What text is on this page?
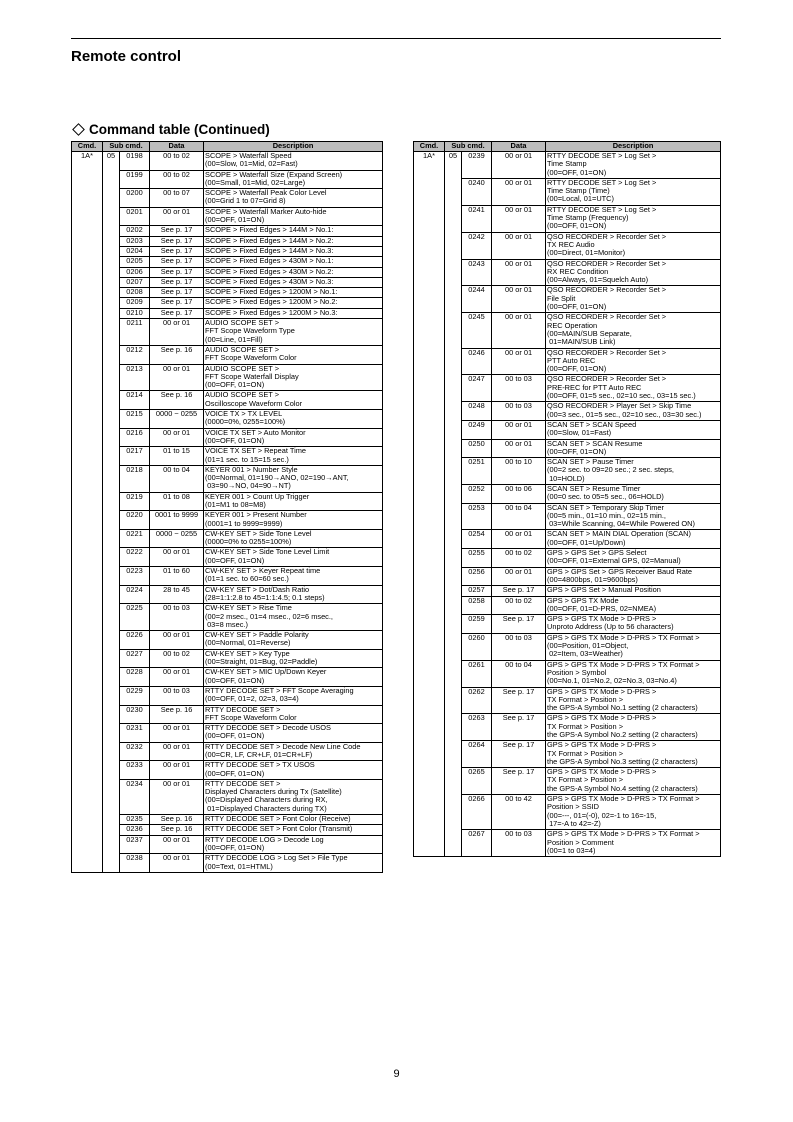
Remote control
Command table (Continued)
Cmd.	Sub cmd.		Data	Description
1A*	05	0198	00 to 02	SCOPE > Waterfall Speed
(00=Slow, 01=Mid, 02=Fast)
		0199	00 to 02	SCOPE > Waterfall Size (Expand Screen)
(00=Small, 01=Mid, 02=Large)
		0200	00 to 07	SCOPE > Waterfall Peak Color Level
(00=Grid 1 to 07=Grid 8)
		0201	00 or 01	SCOPE > Waterfall Marker Auto-hide
(00=OFF, 01=ON)
		0202	See p. 17	SCOPE > Fixed Edges > 144M > No.1:
		0203	See p. 17	SCOPE > Fixed Edges > 144M > No.2:
		0204	See p. 17	SCOPE > Fixed Edges > 144M > No.3:
		0205	See p. 17	SCOPE > Fixed Edges > 430M > No.1:
		0206	See p. 17	SCOPE > Fixed Edges > 430M > No.2:
		0207	See p. 17	SCOPE > Fixed Edges > 430M > No.3:
		0208	See p. 17	SCOPE > Fixed Edges > 1200M > No.1:
		0209	See p. 17	SCOPE > Fixed Edges > 1200M > No.2:
		0210	See p. 17	SCOPE > Fixed Edges > 1200M > No.3:
		0211	00 or 01	AUDIO SCOPE SET >
FFT Scope Waveform Type
(00=Line, 01=Fill)
		0212	See p. 16	AUDIO SCOPE SET >
FFT Scope Waveform Color
		0213	00 or 01	AUDIO SCOPE SET >
FFT Scope Waterfall Display
(00=OFF, 01=ON)
		0214	See p. 16	AUDIO SCOPE SET >
Oscilloscope Waveform Color
		0215	0000 ~ 0255	VOICE TX > TX LEVEL
(0000=0%, 0255=100%)
		0216	00 or 01	VOICE TX SET > Auto Monitor
(00=OFF, 01=ON)
		0217	01 to 15	VOICE TX SET > Repeat Time
(01=1 sec. to 15=15 sec.)
		0218	00 to 04	KEYER 001 > Number Style
(00=Normal, 01=190→ANO, 02=190→ANT,
03=90→NO, 04=90→NT)
		0219	01 to 08	KEYER 001 > Count Up Trigger
(01=M1 to 08=M8)
		0220	0001 to 9999	KEYER 001 > Present Number
(0001=1 to 9999=9999)
		0221	0000 ~ 0255	CW-KEY SET > Side Tone Level
(0000=0% to 0255=100%)
		0222	00 or 01	CW-KEY SET > Side Tone Level Limit
(00=OFF, 01=ON)
		0223	01 to 60	CW-KEY SET > Keyer Repeat time
(01=1 sec. to 60=60 sec.)
		0224	28 to 45	CW-KEY SET > Dot/Dash Ratio
(28=1:1:2.8 to 45=1:1:4.5; 0.1 steps)
		0225	00 to 03	CW-KEY SET > Rise Time
(00=2 msec., 01=4 msec., 02=6 msec.,
03=8 msec.)
		0226	00 or 01	CW-KEY SET > Paddle Polarity
(00=Normal, 01=Reverse)
		0227	00 to 02	CW-KEY SET > Key Type
(00=Straight, 01=Bug, 02=Paddle)
		0228	00 or 01	CW-KEY SET > MIC Up/Down Keyer
(00=OFF, 01=ON)
		0229	00 to 03	RTTY DECODE SET > FFT Scope Averaging
(00=OFF, 01=2, 02=3, 03=4)
		0230	See p. 16	RTTY DECODE SET >
FFT Scope Waveform Color
		0231	00 or 01	RTTY DECODE SET > Decode USOS
(00=OFF, 01=ON)
		0232	00 or 01	RTTY DECODE SET > Decode New Line Code
(00=CR, LF, CR+LF, 01=CR+LF)
		0233	00 or 01	RTTY DECODE SET > TX USOS
(00=OFF, 01=ON)
		0234	00 or 01	RTTY DECODE SET >
Displayed Characters during Tx (Satellite)
(00=Displayed Characters during RX,
01=Displayed Characters during TX)
		0235	See p. 16	RTTY DECODE SET > Font Color (Receive)
		0236	See p. 16	RTTY DECODE SET > Font Color (Transmit)
		0237	00 or 01	RTTY DECODE LOG > Decode Log
(00=OFF, 01=ON)
		0238	00 or 01	RTTY DECODE LOG > Log Set > File Type
(00=Text, 01=HTML)
Cmd.	Sub cmd.		Data	Description
1A*	05	0239	00 or 01	RTTY DECODE SET > Log Set >
Time Stamp
(00=OFF, 01=ON)
		0240	00 or 01	RTTY DECODE SET > Log Set >
Time Stamp (Time)
(00=Local, 01=UTC)
		0241	00 or 01	RTTY DECODE SET > Log Set >
Time Stamp (Frequency)
(00=OFF, 01=ON)
		0242	00 or 01	QSO RECORDER > Recorder Set >
TX REC Audio
(00=Direct, 01=Monitor)
		0243	00 or 01	QSO RECORDER > Recorder Set >
RX REC Condition
(00=Always, 01=Squelch Auto)
		0244	00 or 01	QSO RECORDER > Recorder Set >
File Split
(00=OFF, 01=ON)
		0245	00 or 01	QSO RECORDER > Recorder Set >
REC Operation
(00=MAIN/SUB Separate,
01=MAIN/SUB Link)
		0246	00 or 01	QSO RECORDER > Recorder Set >
PTT Auto REC
(00=OFF, 01=ON)
		0247	00 to 03	QSO RECORDER > Recorder Set >
PRE-REC for PTT Auto REC
(00=OFF, 01=5 sec., 02=10 sec., 03=15 sec.)
		0248	00 to 03	QSO RECORDER > Player Set > Skip Time
(00=3 sec., 01=5 sec., 02=10 sec., 03=30 sec.)
		0249	00 or 01	SCAN SET > SCAN Speed
(00=Slow, 01=Fast)
		0250	00 or 01	SCAN SET > SCAN Resume
(00=OFF, 01=ON)
		0251	00 to 10	SCAN SET > Pause Timer
(00=2 sec. to 09=20 sec.; 2 sec. steps,
10=HOLD)
		0252	00 to 06	SCAN SET > Resume Timer
(00=0 sec. to 05=5 sec., 06=HOLD)
		0253	00 to 04	SCAN SET > Temporary Skip Timer
(00=5 min., 01=10 min., 02=15 min.,
03=While Scanning, 04=While Powered ON)
		0254	00 or 01	SCAN SET > MAIN DIAL Operation (SCAN)
(00=OFF, 01=Up/Down)
		0255	00 to 02	GPS > GPS Set > GPS Select
(00=OFF, 01=External GPS, 02=Manual)
		0256	00 or 01	GPS > GPS Set > GPS Receiver Baud Rate
(00=4800bps, 01=9600bps)
		0257	See p. 17	GPS > GPS Set > Manual Position
		0258	00 to 02	GPS > GPS TX Mode
(00=OFF, 01=D-PRS, 02=NMEA)
		0259	See p. 17	GPS > GPS TX Mode > D-PRS >
Unproto Address (Up to 56 characters)
		0260	00 to 03	GPS > GPS TX Mode > D-PRS > TX Format >
(00=Position, 01=Object,
02=Item, 03=Weather)
		0261	00 to 04	GPS > GPS TX Mode > D-PRS > TX Format >
Position > Symbol
(00=No.1, 01=No.2, 02=No.3, 03=No.4)
		0262	See p. 17	GPS > GPS TX Mode > D-PRS >
TX Format > Position >
the GPS-A Symbol No.1 setting (2 characters)
		0263	See p. 17	GPS > GPS TX Mode > D-PRS >
TX Format > Position >
the GPS-A Symbol No.2 setting (2 characters)
		0264	See p. 17	GPS > GPS TX Mode > D-PRS >
TX Format > Position >
the GPS-A Symbol No.3 setting (2 characters)
		0265	See p. 17	GPS > GPS TX Mode > D-PRS >
TX Format > Position >
the GPS-A Symbol No.4 setting (2 characters)
		0266	00 to 42	GPS > GPS TX Mode > D-PRS > TX Format >
Position > SSID
(00=---, 01=(-0), 02=-1 to 16=-15,
17=-A to 42=-Z)
		0267	00 to 03	GPS > GPS TX Mode > D-PRS > TX Format >
Position > Comment
(00=1 to 03=4)

9
